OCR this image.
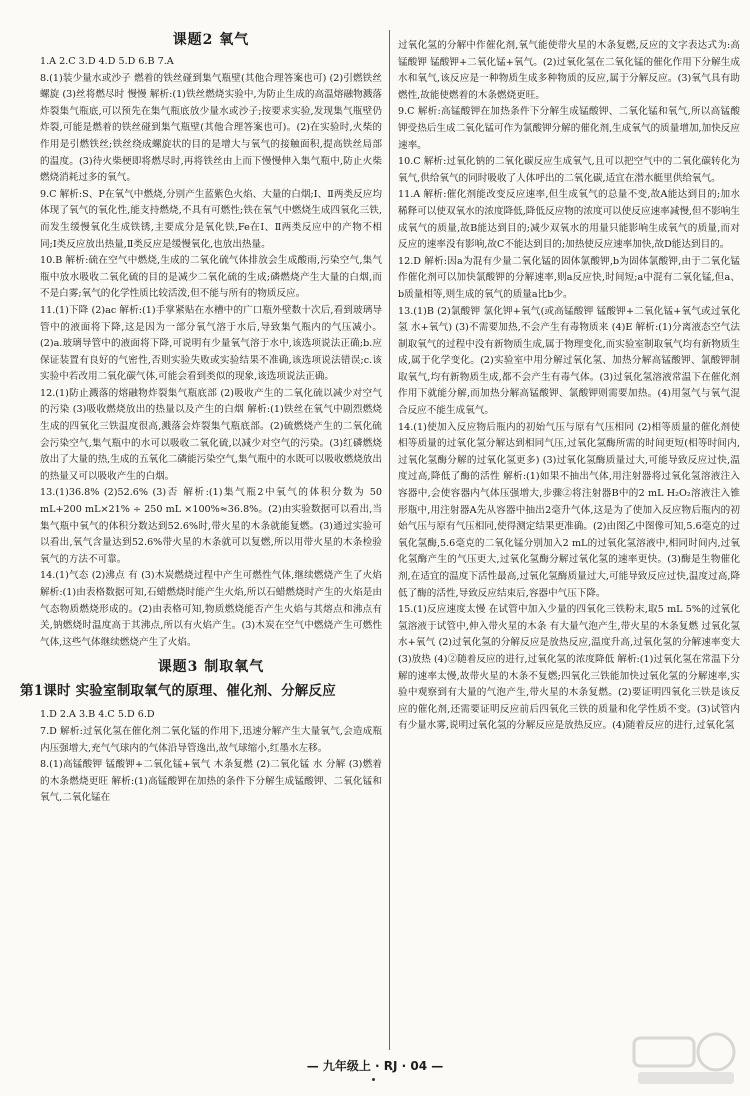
课题2 氧气

1.A 2.C 3.D 4.D 5.D 6.B 7.A

8.(1)装少量水或沙子 燃着的铁丝碰到集气瓶壁(其他合理答案也可) (2)引燃铁丝 螺旋 (3)丝将燃尽时 慢慢 解析:(1)铁丝燃烧实验中,为防止生成的高温熔融物溅落炸裂集气瓶底,可以预先在集气瓶底放少量水或沙子;按要求实验,发现集气瓶壁仍炸裂,可能是燃着的铁丝碰到集气瓶壁(其他合理答案也可)。(2)在实验时,火柴的作用是引燃铁丝;铁丝绕成螺旋状的目的是增大与氧气的接触面积,提高铁丝局部的温度。(3)待火柴梗即将燃尽时,再将铁丝由上而下慢慢伸入集气瓶中,防止火柴燃烧消耗过多的氧气。

9.C 解析:S、P在氧气中燃烧,分别产生蓝紫色火焰、大量的白烟;Ⅰ、Ⅱ两类反应均体现了氧气的氧化性,能支持燃烧,不具有可燃性;铁在氧气中燃烧生成四氧化三铁,而发生缓慢氧化生成铁锈,主要成分是氧化铁,Fe在Ⅰ、Ⅱ两类反应中的产物不相同;Ⅰ类反应放出热量,Ⅱ类反应是缓慢氧化,也放出热量。

10.B 解析:硫在空气中燃烧,生成的二氧化硫气体排放会生成酸雨,污染空气,集气瓶中放水吸收二氧化硫的目的是减少二氧化硫的生成;磷燃烧产生大量的白烟,而不是白雾;氧气的化学性质比较活泼,但不能与所有的物质反应。

11.(1)下降 (2)ac 解析:(1)手掌紧贴在水槽中的广口瓶外壁数十次后,看到玻璃导管中的液面将下降,这是因为一部分氧气溶于水后,导致集气瓶内的气压减小。(2)a.玻璃导管中的液面将下降,可说明有少量氧气溶于水中,该选项说法正确;b.应保证装置有良好的气密性,否则实验失败或实验结果不准确,该选项说法错误;c.该实验中若改用二氧化碳气体,可能会看到类似的现象,该选项说法正确。

12.(1)防止溅落的熔融物炸裂集气瓶底部 (2)吸收产生的二氧化硫以减少对空气的污染 (3)吸收燃烧放出的热量以及产生的白烟 解析:(1)铁丝在氧气中剧烈燃烧生成的四氧化三铁温度很高,溅落会炸裂集气瓶底部。(2)硫燃烧产生的二氧化硫会污染空气,集气瓶中的水可以吸收二氧化硫,以减少对空气的污染。(3)红磷燃烧放出了大量的热,生成的五氧化二磷能污染空气,集气瓶中的水既可以吸收燃烧放出的热量又可以吸收产生的白烟。

13.(1)36.8% (2)52.6% (3)否 解析:(1)集气瓶2中氧气的体积分数为 50 mL+200 mL×21% ÷ 250 mL ×100%≈36.8%。(2)由实验数据可以看出,当集气瓶中氧气的体积分数达到52.6%时,带火星的木条就能复燃。(3)通过实验可以看出,氧气含量达到52.6%带火星的木条就可以复燃,所以用带火星的木条检验氧气的方法不可靠。

14.(1)气态 (2)沸点 有 (3)木炭燃烧过程中产生可燃性气体,继续燃烧产生了火焰 解析:(1)由表格数据可知,石蜡燃烧时能产生火焰,所以石蜡燃烧时产生的火焰是由气态物质燃烧形成的。(2)由表格可知,物质燃烧能否产生火焰与其熔点和沸点有关,钠燃烧时温度高于其沸点,所以有火焰产生。(3)木炭在空气中燃烧产生可燃性气体,这些气体继续燃烧产生了火焰。

课题3 制取氧气
第1课时 实验室制取氧气的原理、催化剂、分解反应

1.D 2.A 3.B 4.C 5.D 6.D

7.D 解析:过氧化氢在催化剂二氧化锰的作用下,迅速分解产生大量氧气,会造成瓶内压强增大,充气气球内的气体沿导管逸出,故气球缩小,红墨水左移。

8.(1)高锰酸钾 锰酸钾+二氧化锰+氧气 木条复燃 (2)二氧化锰 水 分解 (3)燃着的木条燃烧更旺 解析:(1)高锰酸钾在加热的条件下分解生成锰酸钾、二氧化锰和氧气,二氧化锰在

过氧化氢的分解中作催化剂,氧气能使带火星的木条复燃,反应的文字表达式为:高锰酸钾 锰酸钾+二氧化锰+氧气。(2)过氧化氢在二氧化锰的催化作用下分解生成水和氧气,该反应是一种物质生成多种物质的反应,属于分解反应。(3)氧气具有助燃性,故能使燃着的木条燃烧更旺。

9.C 解析:高锰酸钾在加热条件下分解生成锰酸钾、二氧化锰和氧气,所以高锰酸钾受热后生成二氧化锰可作为氯酸钾分解的催化剂,生成氧气的质量增加,加快反应速率。

10.C 解析:过氧化钠的二氧化碳反应生成氧气,且可以把空气中的二氧化碳转化为氧气,供给氧气的同时吸收了人体呼出的二氧化碳,适宜在潜水艇里供给氧气。

11.A 解析:催化剂能改变反应速率,但生成氧气的总量不变,故A能达到目的;加水稀释可以使双氧水的浓度降低,降低反应物的浓度可以使反应速率减慢,但不影响生成氧气的质量,故B能达到目的;减少双氧水的用量只能影响生成氧气的质量,而对反应的速率没有影响,故C不能达到目的;加热使反应速率加快,故D能达到目的。

12.D 解析:因a为混有少量二氧化锰的固体氯酸钾,b为固体氯酸钾,由于二氧化锰作催化剂可以加快氯酸钾的分解速率,则a反应快,时间短;a中混有二氧化锰,但a、b质量相等,则生成的氧气的质量a比b少。

13.(1)B (2)氯酸钾 氯化钾+氧气(或高锰酸钾 锰酸钾+二氧化锰+氧气或过氧化氢 水+氧气) (3)不需要加热,不会产生有毒物质来 (4)E 解析:(1)分离液态空气法制取氧气的过程中没有新物质生成,属于物理变化,而实验室制取氧气均有新物质生成,属于化学变化。(2)实验室中用分解过氧化氢、加热分解高锰酸钾、氯酸钾制取氧气,均有新物质生成,都不会产生有毒气体。(3)过氧化氢溶液常温下在催化剂作用下就能分解,而加热分解高锰酸钾、氯酸钾则需要加热。(4)用氢气与氧气混合反应不能生成氧气。

14.(1)使加入反应物后瓶内的初始气压与原有气压相同 (2)相等质量的催化剂使相等质量的过氧化氢分解达到相同气压,过氧化氢酶所需的时间更短(相等时间内,过氧化氢酶分解的过氧化氢更多) (3)过氧化氢酶质量过大,可能导致反应过快,温度过高,降低了酶的活性 解析:(1)如果不抽出气体,用注射器将过氧化氢溶液注入容器中,会使容器内气体压强增大,步骤②将注射器B中的2 mL H₂O₂溶液注入锥形瓶中,用注射器A先从容器中抽出2毫升气体,这是为了使加入反应物后瓶内的初始气压与原有气压相同,使得测定结果更准确。(2)由图乙中图像可知,5.6毫克的过氧化氢酶,5.6毫克的二氧化锰分别加入2 mL的过氧化氢溶液中,相同时间内,过氧化氢酶产生的气压更大,过氧化氢酶分解过氧化氢的速率更快。(3)酶是生物催化剂,在适宜的温度下活性最高,过氧化氢酶质量过大,可能导致反应过快,温度过高,降低了酶的活性,导致反应结束后,容器中气压下降。

15.(1)反应速度太慢 在试管中加入少量的四氧化三铁粉末,取5 mL 5%的过氧化氢溶液于试管中,伸入带火星的木条 有大量气泡产生,带火星的木条复燃 过氧化氢 水+氧气 (2)过氧化氢的分解反应是放热反应,温度升高,过氧化氢的分解速率变大 (3)放热 (4)②随着反应的进行,过氧化氢的浓度降低 解析:(1)过氧化氢在常温下分解的速率太慢,故带火星的木条不复燃;四氧化三铁能加快过氧化氢的分解速率,实验中观察到有大量的气泡产生,带火星的木条复燃。(2)要证明四氧化三铁是该反应的催化剂,还需要证明反应前后四氧化三铁的质量和化学性质不变。(3)试管内有少量水雾,说明过氧化氢的分解反应是放热反应。(4)随着反应的进行,过氧化氢

— 九年级上 · RJ · 04 —
